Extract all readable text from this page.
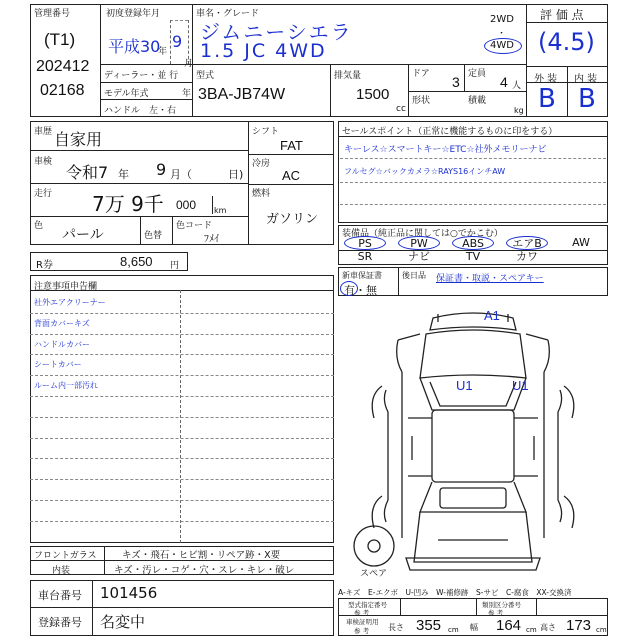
管理番号
(T1)
202412
02168
初度登録年月
平成30
年
9
月
車名・グレード
ジムニーシエラ
1.5 JC 4WD
2WD
・
4WD
評 価 点
(4.5)
外 装 内 装
B B
ディーラー・並 行
モデル年式	年
ハンドル　左・右
型式
3BA-JB74W
排気量
1500
cc
ドア 3 定員 4 人
形状	積載
kg
車歴 自家用
車検
令和7 年 9 月（	日)
走行 7万 9千 000 km
色
パール	色替
色コード
ﾌﾒｲ
シフト
FAT
冷房
AC
燃料
ガソリン
R券	8,650 円
注意事項申告欄
社外エアクリーナー
背面カバーキズ
ハンドルカバー
シートカバー
ルーム内一部汚れ
セールスポイント（正常に機能するものに印をする）
キーレス☆スマートキー☆ETC☆社外メモリーナビ
フルセグ☆バックカメラ☆RAYS16インチAW
装備品（純正品に関しては○でかこむ）
PS	PW	ABS	エアB	AW
SR	ナビ	TV	カワ
新車保証書
有・無
後日品 保証書・取説・スペアキー
A1
U1	U1
スペア
A-キズ　E-エクボ　U-凹み　W-補修跡　S-サビ　C-腐食　XX-交換済
型式指定番号
参 考
類別区分番号
参 考
車検証明用
参 考 長さ 355 cm 幅 164 cm 高さ 173 cm
フロントガラス	キズ・飛石・ヒビ割・リペア跡・X要
内装	キズ・汚レ・コゲ・穴・スレ・キレ・破レ
車台番号 101456
登録番号 名変中
